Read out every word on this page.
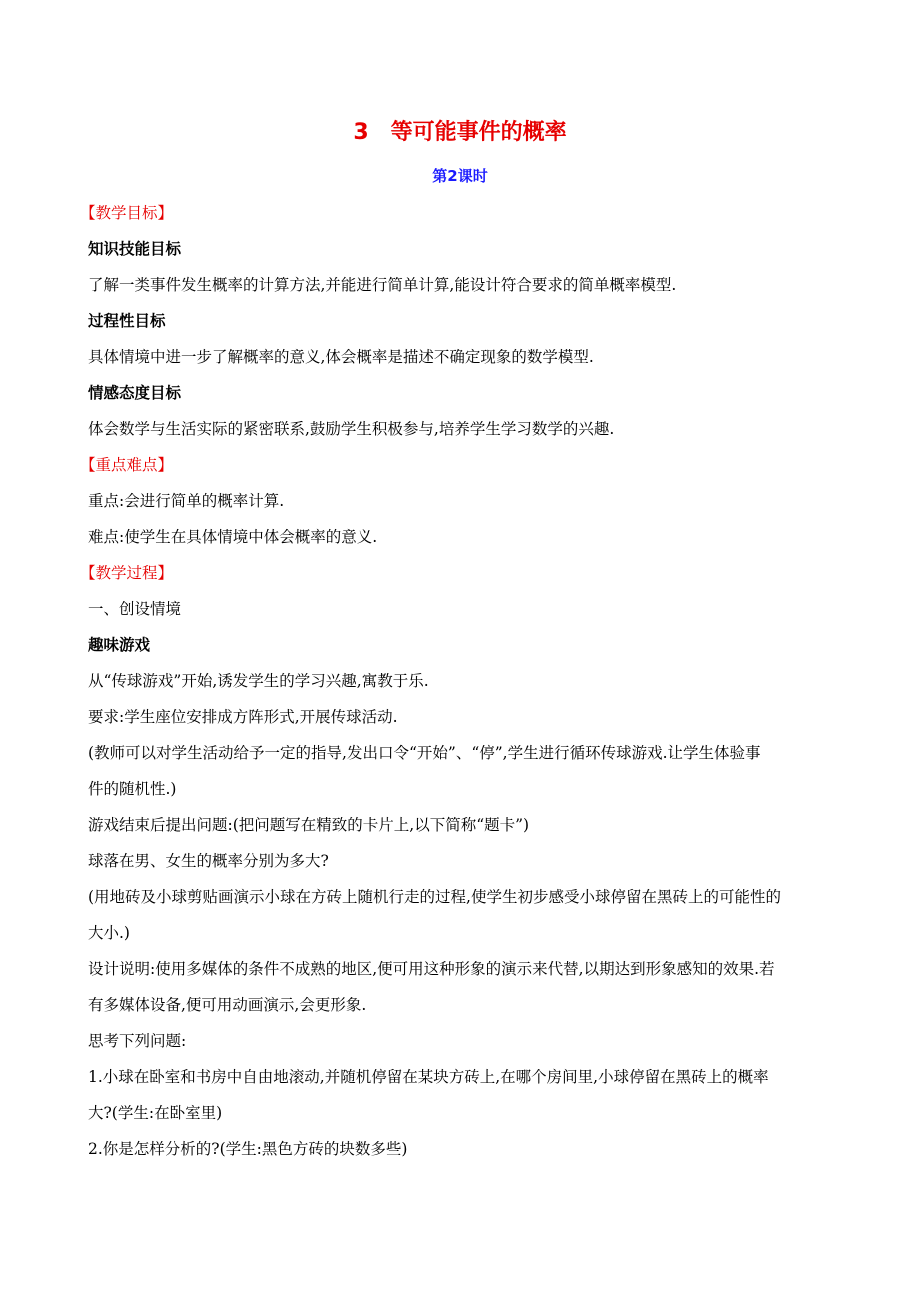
3　等可能事件的概率
第2课时
【教学目标】
知识技能目标
了解一类事件发生概率的计算方法,并能进行简单计算,能设计符合要求的简单概率模型.
过程性目标
具体情境中进一步了解概率的意义,体会概率是描述不确定现象的数学模型.
情感态度目标
体会数学与生活实际的紧密联系,鼓励学生积极参与,培养学生学习数学的兴趣.
【重点难点】
重点:会进行简单的概率计算.
难点:使学生在具体情境中体会概率的意义.
【教学过程】
一、创设情境
趣味游戏
从“传球游戏”开始,诱发学生的学习兴趣,寓教于乐.
要求:学生座位安排成方阵形式,开展传球活动.
(教师可以对学生活动给予一定的指导,发出口令“开始”、“停”,学生进行循环传球游戏.让学生体验事
件的随机性.)
游戏结束后提出问题:(把问题写在精致的卡片上,以下简称“题卡”)
球落在男、女生的概率分别为多大?
(用地砖及小球剪贴画演示小球在方砖上随机行走的过程,使学生初步感受小球停留在黑砖上的可能性的
大小.)
设计说明:使用多媒体的条件不成熟的地区,便可用这种形象的演示来代替,以期达到形象感知的效果.若
有多媒体设备,便可用动画演示,会更形象.
思考下列问题:
1.小球在卧室和书房中自由地滚动,并随机停留在某块方砖上,在哪个房间里,小球停留在黑砖上的概率
大?(学生:在卧室里)
2.你是怎样分析的?(学生:黑色方砖的块数多些)
